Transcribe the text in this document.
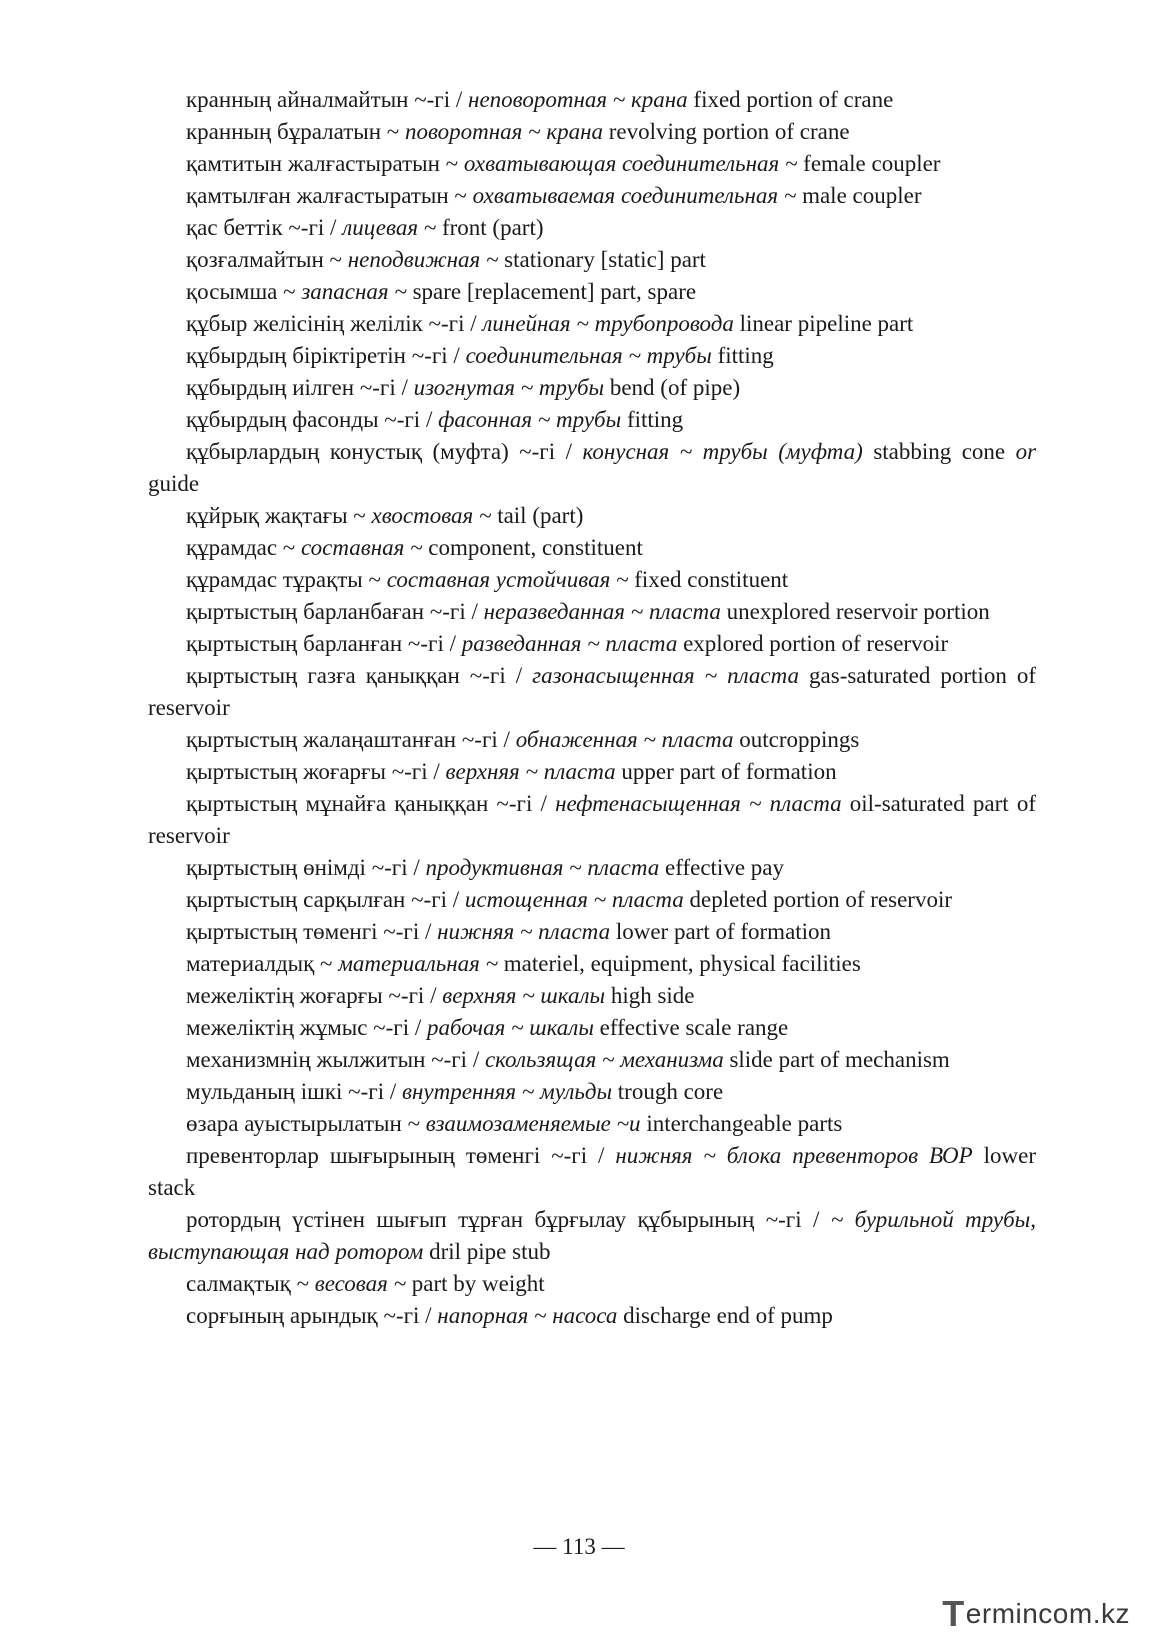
кранның айналмайтын ~-гі / неповоротная ~ крана fixed portion of crane

кранның бұралатын ~ поворотная ~ крана revolving portion of crane

қамтитын жалғастыратын ~ охватывающая соединительная ~ female coupler

қамтылған жалғастыратын ~ охватываемая соединительная ~ male coupler

қас беттік ~-гі / лицевая ~ front (part)

қозғалмайтын ~ неподвижная ~ stationary [static] part

қосымша ~ запасная ~ spare [replacement] part, spare

құбыр желісінің желілік ~-гі / линейная ~ трубопровода linear pipeline part

құбырдың біріктіретін ~-гі / соединительная ~ трубы fitting

құбырдың иілген ~-гі / изогнутая ~ трубы bend (of pipe)

құбырдың фасонды ~-гі / фасонная ~ трубы fitting

құбырлардың конустық (муфта) ~-гі / конусная ~ трубы (муфта) stabbing cone or guide

құйрық жақтағы ~ хвостовая ~ tail (part)

құрамдас ~ составная ~ component, constituent

құрамдас тұрақты ~ составная устойчивая ~ fixed constituent

қыртыстың барланбаған ~-гі / неразведанная ~ пласта unexplored reservoir portion

қыртыстың барланған ~-гі / разведанная ~ пласта explored portion of reservoir

қыртыстың газға қаныққан ~-гі / газонасыщенная ~ пласта gas-saturated portion of reservoir

қыртыстың жалаңаштанған ~-гі / обнаженная ~ пласта outcroppings

қыртыстың жоғарғы ~-гі / верхняя ~ пласта upper part of formation

қыртыстың мұнайға қаныққан ~-гі / нефтенасыщенная ~ пласта oil-saturated part of reservoir

қыртыстың өнімді ~-гі / продуктивная ~ пласта effective pay

қыртыстың сарқылған ~-гі / истощенная ~ пласта depleted portion of reservoir

қыртыстың төменгі ~-гі / нижняя ~ пласта lower part of formation

материалдық ~ материальная ~ materiel, equipment, physical facilities

межеліктің жоғарғы ~-гі / верхняя ~ шкалы high side

межеліктің жұмыс ~-гі / рабочая ~ шкалы effective scale range

механизмнің жылжитын ~-гі / скользящая ~ механизма slide part of mechanism

мульданың ішкі ~-гі / внутренняя ~ мульды trough core

өзара ауыстырылатын ~ взаимозаменяемые ~и interchangeable parts

превенторлар шығырының төменгі ~-гі / нижняя ~ блока превенторов ВОР lower stack

ротордың үстінен шығып тұрған бұрғылау құбырының ~-гі / ~ бурильной трубы, выступающая над ротором dril pipe stub

салмақтық ~ весовая ~ part by weight

сорғының арындық ~-гі / напорная ~ насоса discharge end of pump

— 113 —
T ermincom.kz
